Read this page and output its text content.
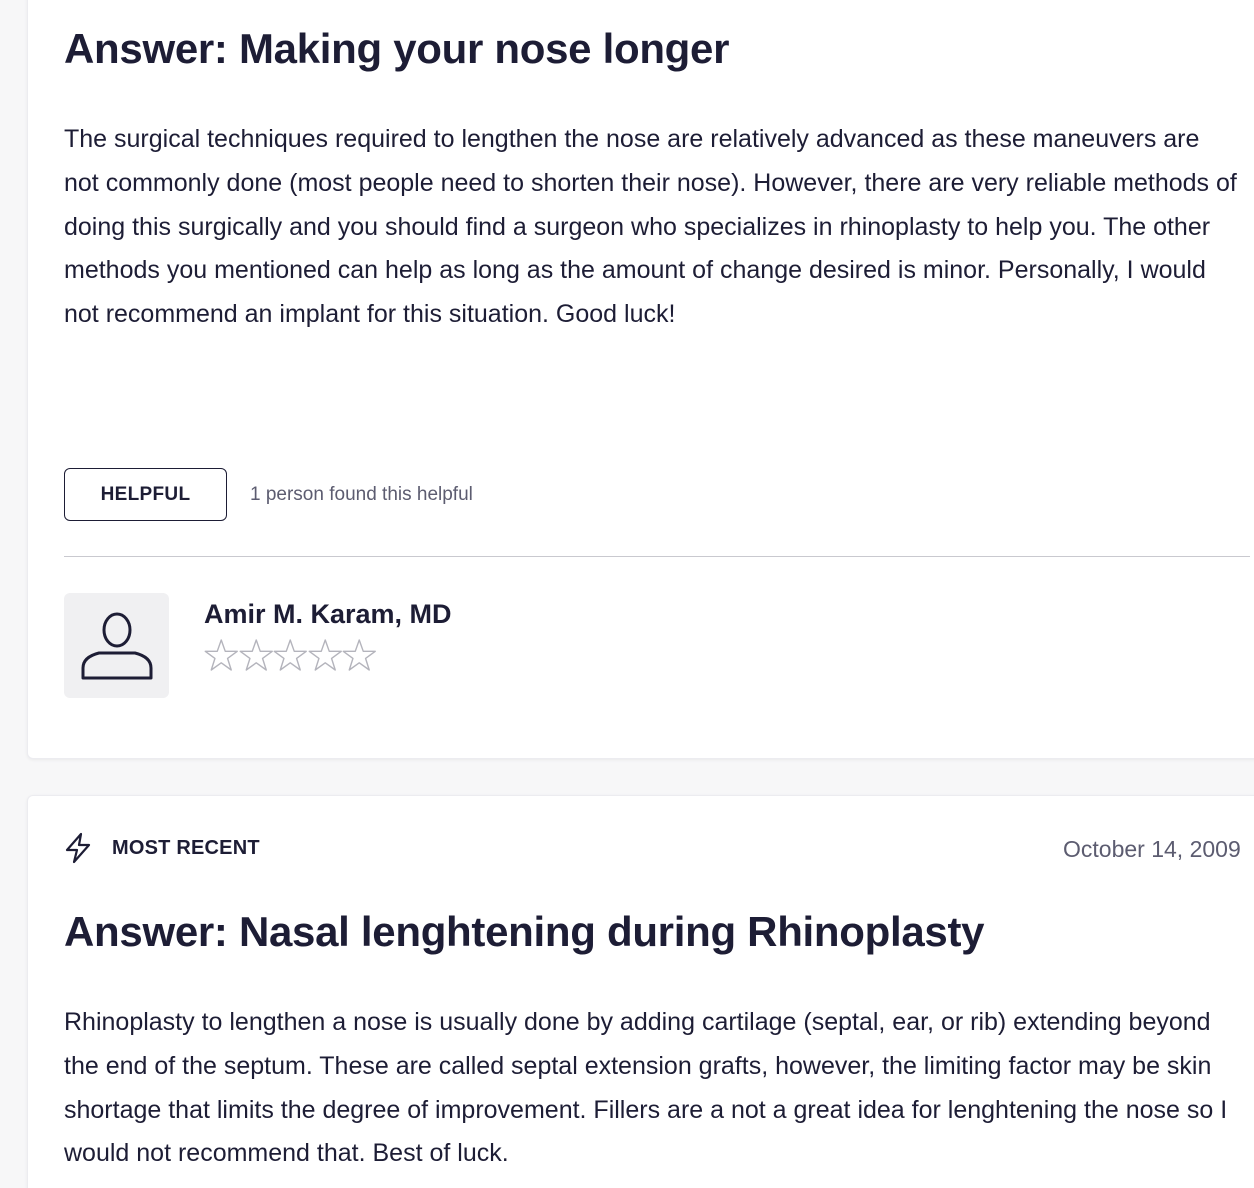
Answer: Making your nose longer

The surgical techniques required to lengthen the nose are relatively advanced as these maneuvers are not commonly done (most people need to shorten their nose). However, there are very reliable methods of doing this surgically and you should find a surgeon who specializes in rhinoplasty to help you. The other methods you mentioned can help as long as the amount of change desired is minor. Personally, I would not recommend an implant for this situation. Good luck!

HELPFUL	1 person found this helpful
Amir M. Karam, MD
MOST RECENT	October 14, 2009
Answer: Nasal lenghtening during Rhinoplasty

Rhinoplasty to lengthen a nose is usually done by adding cartilage (septal, ear, or rib) extending beyond the end of the septum. These are called septal extension grafts, however, the limiting factor may be skin shortage that limits the degree of improvement. Fillers are a not a great idea for lenghtening the nose so I would not recommend that. Best of luck.
